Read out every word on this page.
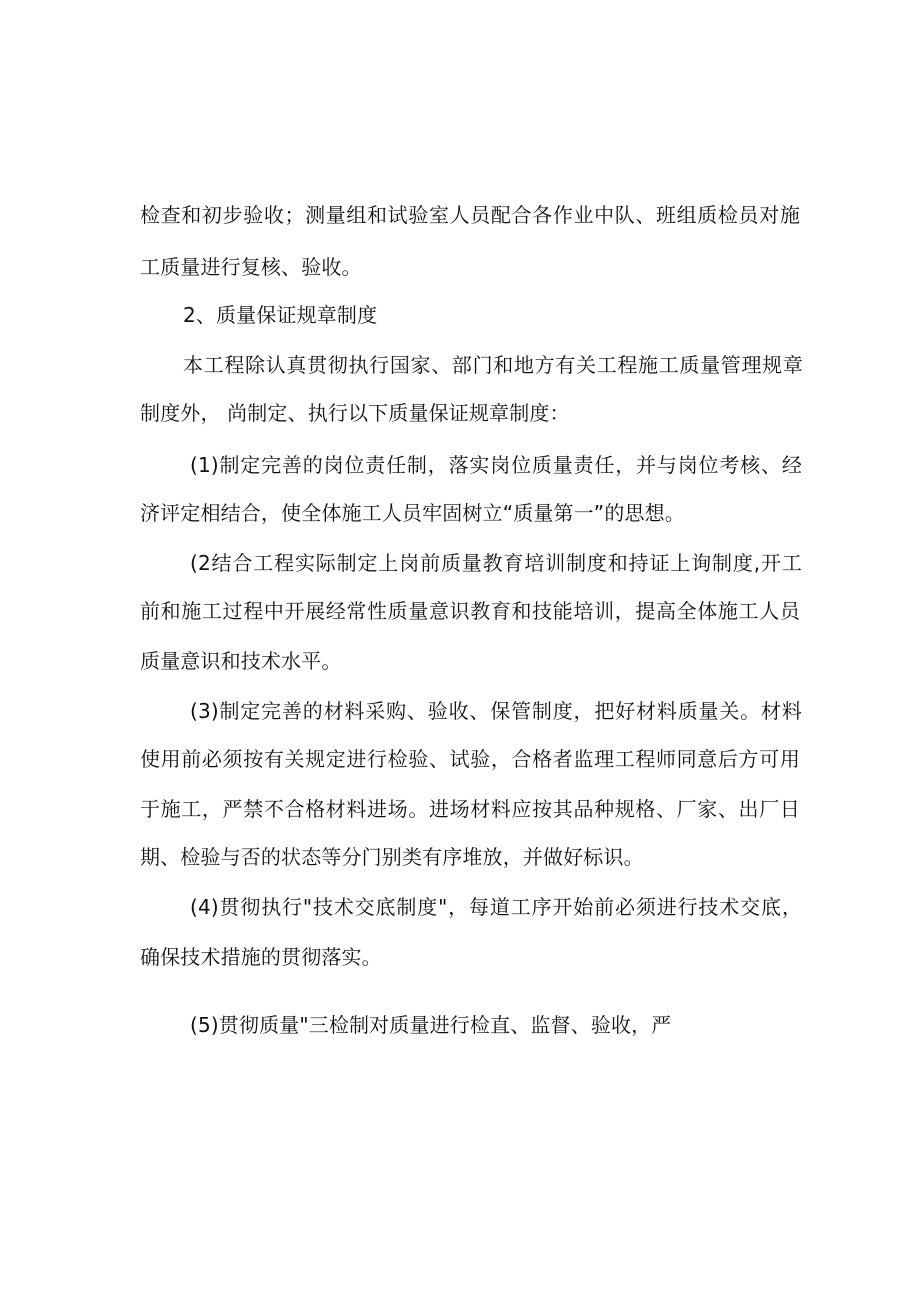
检查和初步验收；测量组和试验室人员配合各作业中队、班组质检员对施
工质量进行复核、验收。
2、质量保证规章制度
本工程除认真贯彻执行国家、部门和地方有关工程施工质量管理规章
制度外， 尚制定、执行以下质量保证规章制度：
(1)制定完善的岗位责任制，落实岗位质量责任，并与岗位考核、经
济评定相结合，使全体施工人员牢固树立“质量第一”的思想。
(2结合工程实际制定上岗前质量教育培训制度和持证上询制度,开工
前和施工过程中开展经常性质量意识教育和技能培训，提高全体施工人员
质量意识和技术水平。
(3)制定完善的材料采购、验收、保管制度，把好材料质量关。材料
使用前必须按有关规定进行检验、试验，合格者监理工程师同意后方可用
于施工，严禁不合格材料进场。进场材料应按其品种规格、厂家、出厂日
期、检验与否的状态等分门别类有序堆放，并做好标识。
(4)贯彻执行"技术交底制度"，每道工序开始前必须进行技术交底，
确保技术措施的贯彻落实。
(5)贯彻质量"三检制对质量进行检直、监督、验收，严
